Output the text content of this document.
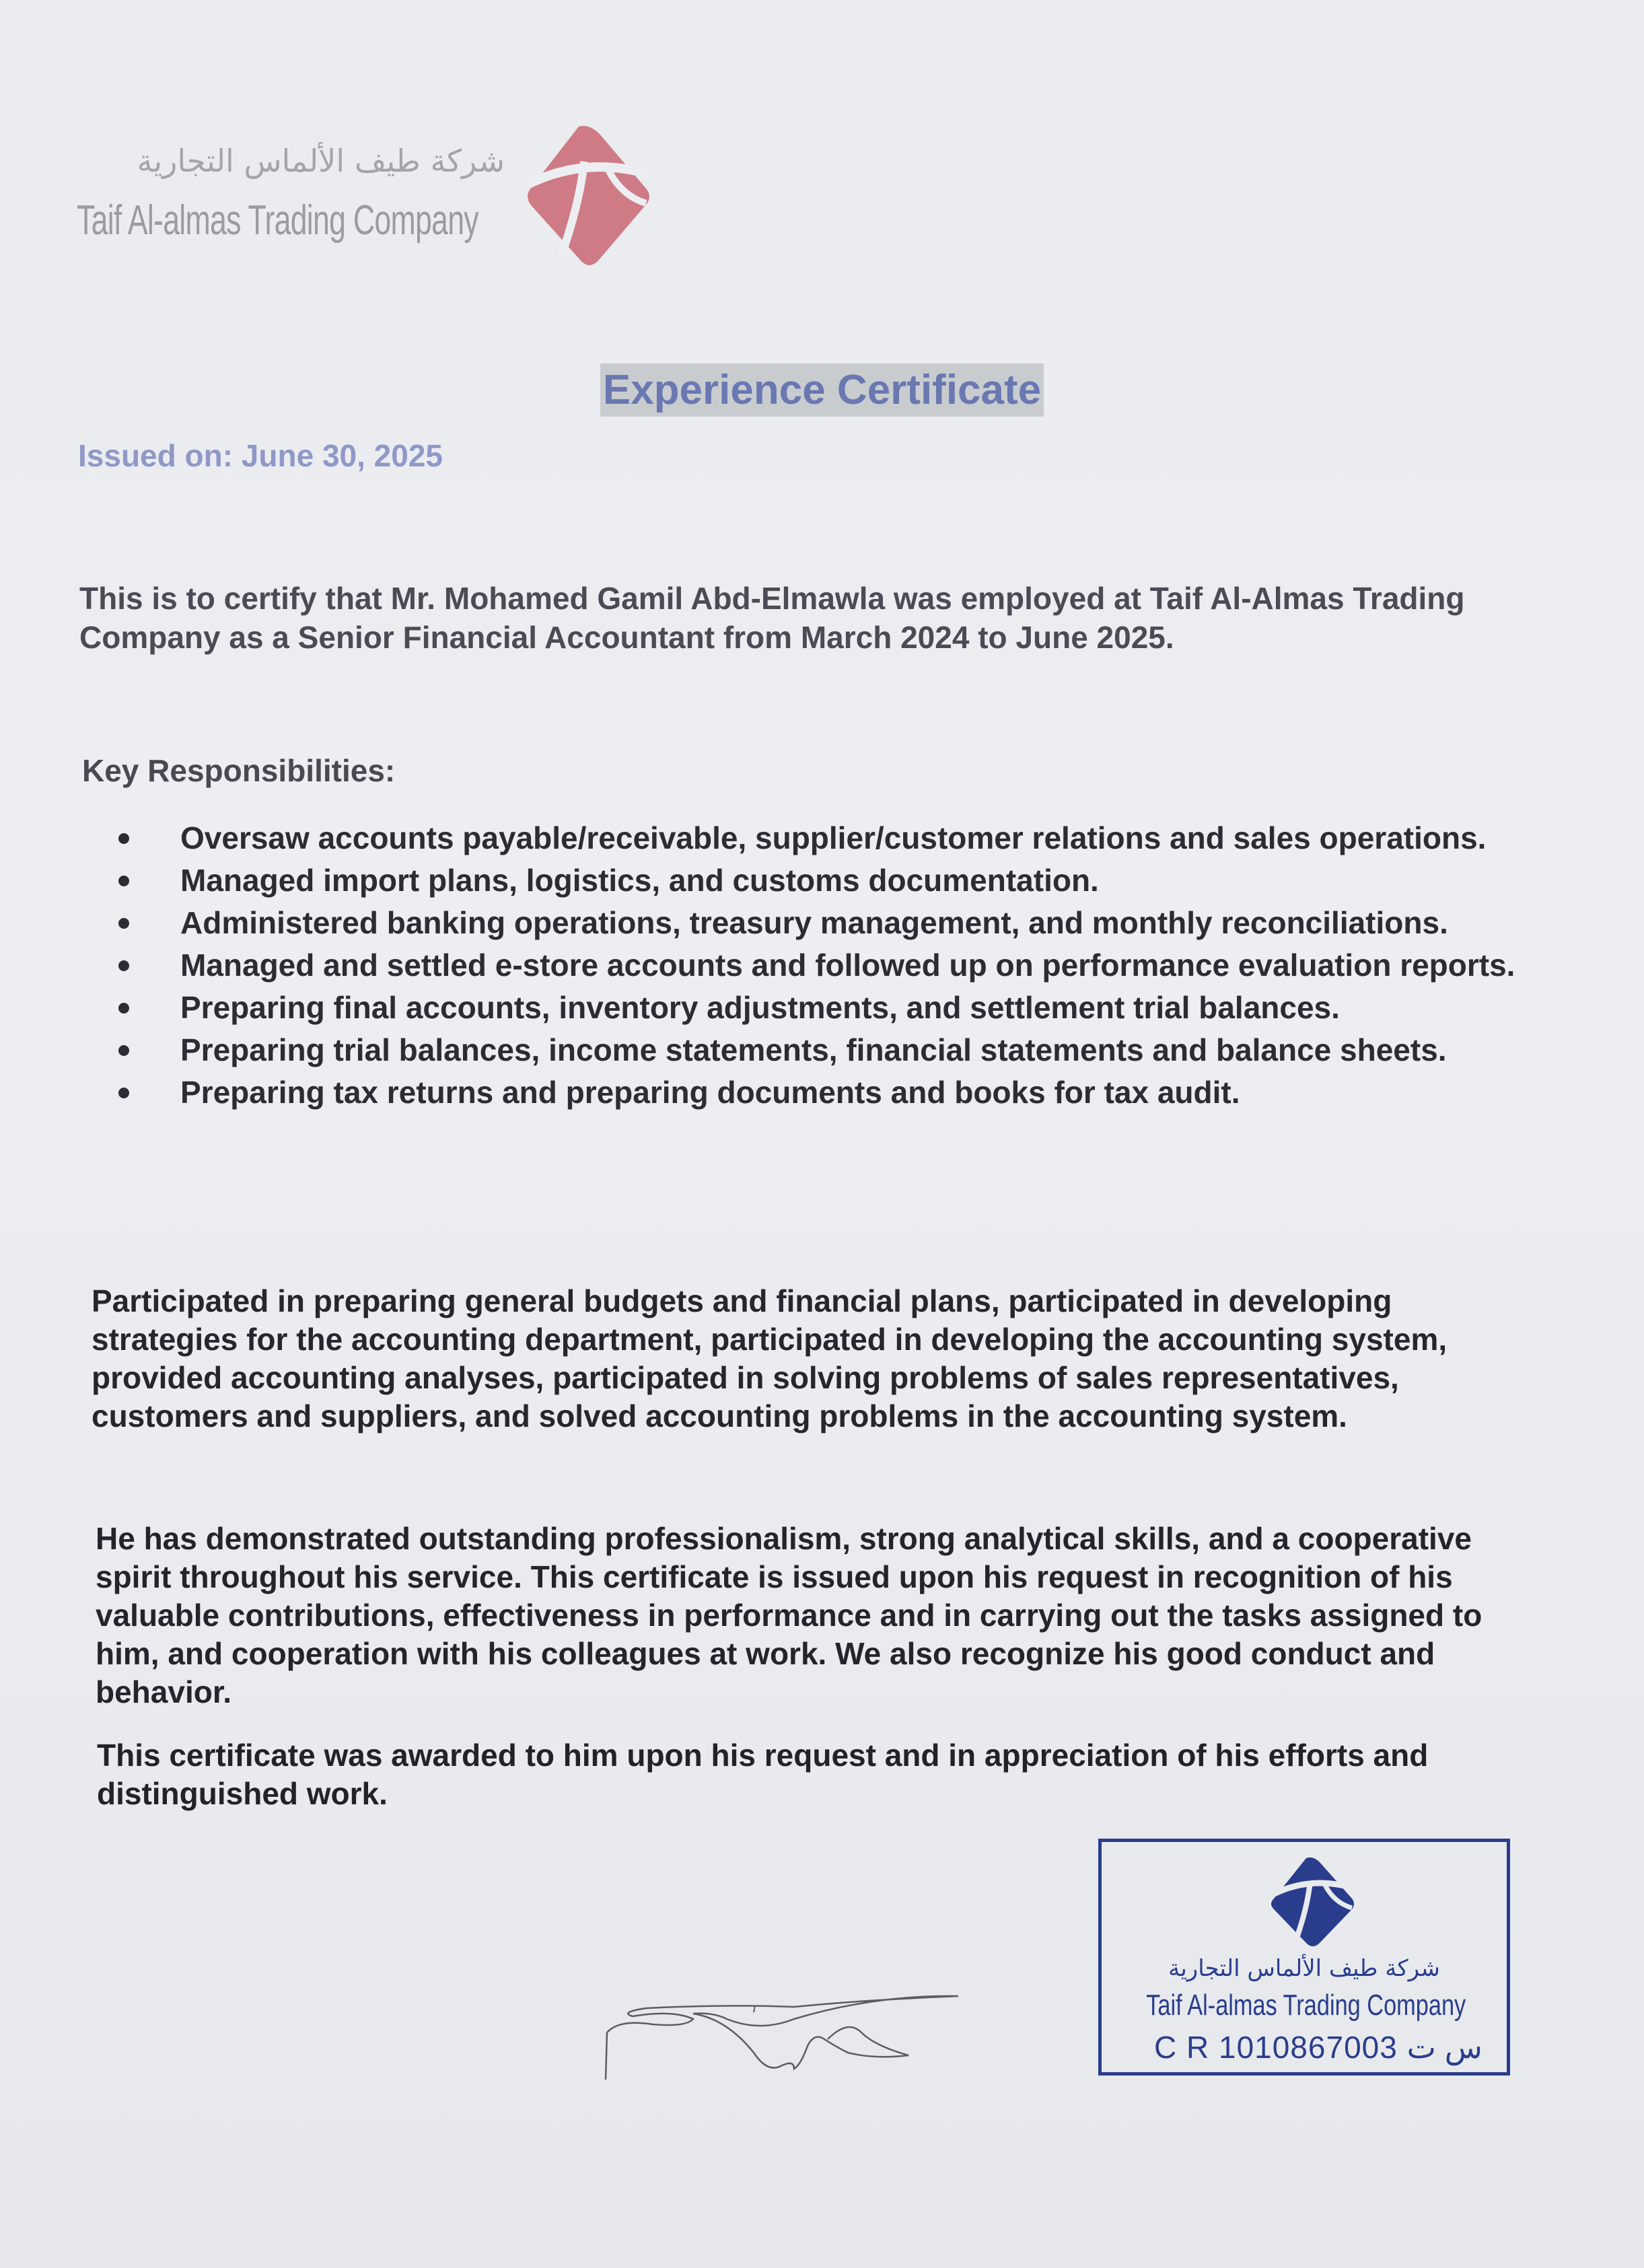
شركة طيف الألماس التجارية
Taif Al-almas Trading Company
Experience Certificate
Issued on: June 30, 2025
This is to certify that Mr. Mohamed Gamil Abd-Elmawla was employed at Taif Al-Almas Trading Company as a Senior Financial Accountant from March 2024 to June 2025.
Key Responsibilities:
Oversaw accounts payable/receivable, supplier/customer relations and sales operations.
Managed import plans, logistics, and customs documentation.
Administered banking operations, treasury management, and monthly reconciliations.
Managed and settled e-store accounts and followed up on performance evaluation reports.
Preparing final accounts, inventory adjustments, and settlement trial balances.
Preparing trial balances, income statements, financial statements and balance sheets.
Preparing tax returns and preparing documents and books for tax audit.
Participated in preparing general budgets and financial plans, participated in developing strategies for the accounting department, participated in developing the accounting system, provided accounting analyses, participated in solving problems of sales representatives, customers and suppliers, and solved accounting problems in the accounting system.
He has demonstrated outstanding professionalism, strong analytical skills, and a cooperative spirit throughout his service. This certificate is issued upon his request in recognition of his valuable contributions, effectiveness in performance and in carrying out the tasks assigned to him, and cooperation with his colleagues at work. We also recognize his good conduct and behavior.
This certificate was awarded to him upon his request and in appreciation of his efforts and distinguished work.
شركة طيف الألماس التجارية
Taif Al-almas Trading Company
C R 1010867003 س ت
